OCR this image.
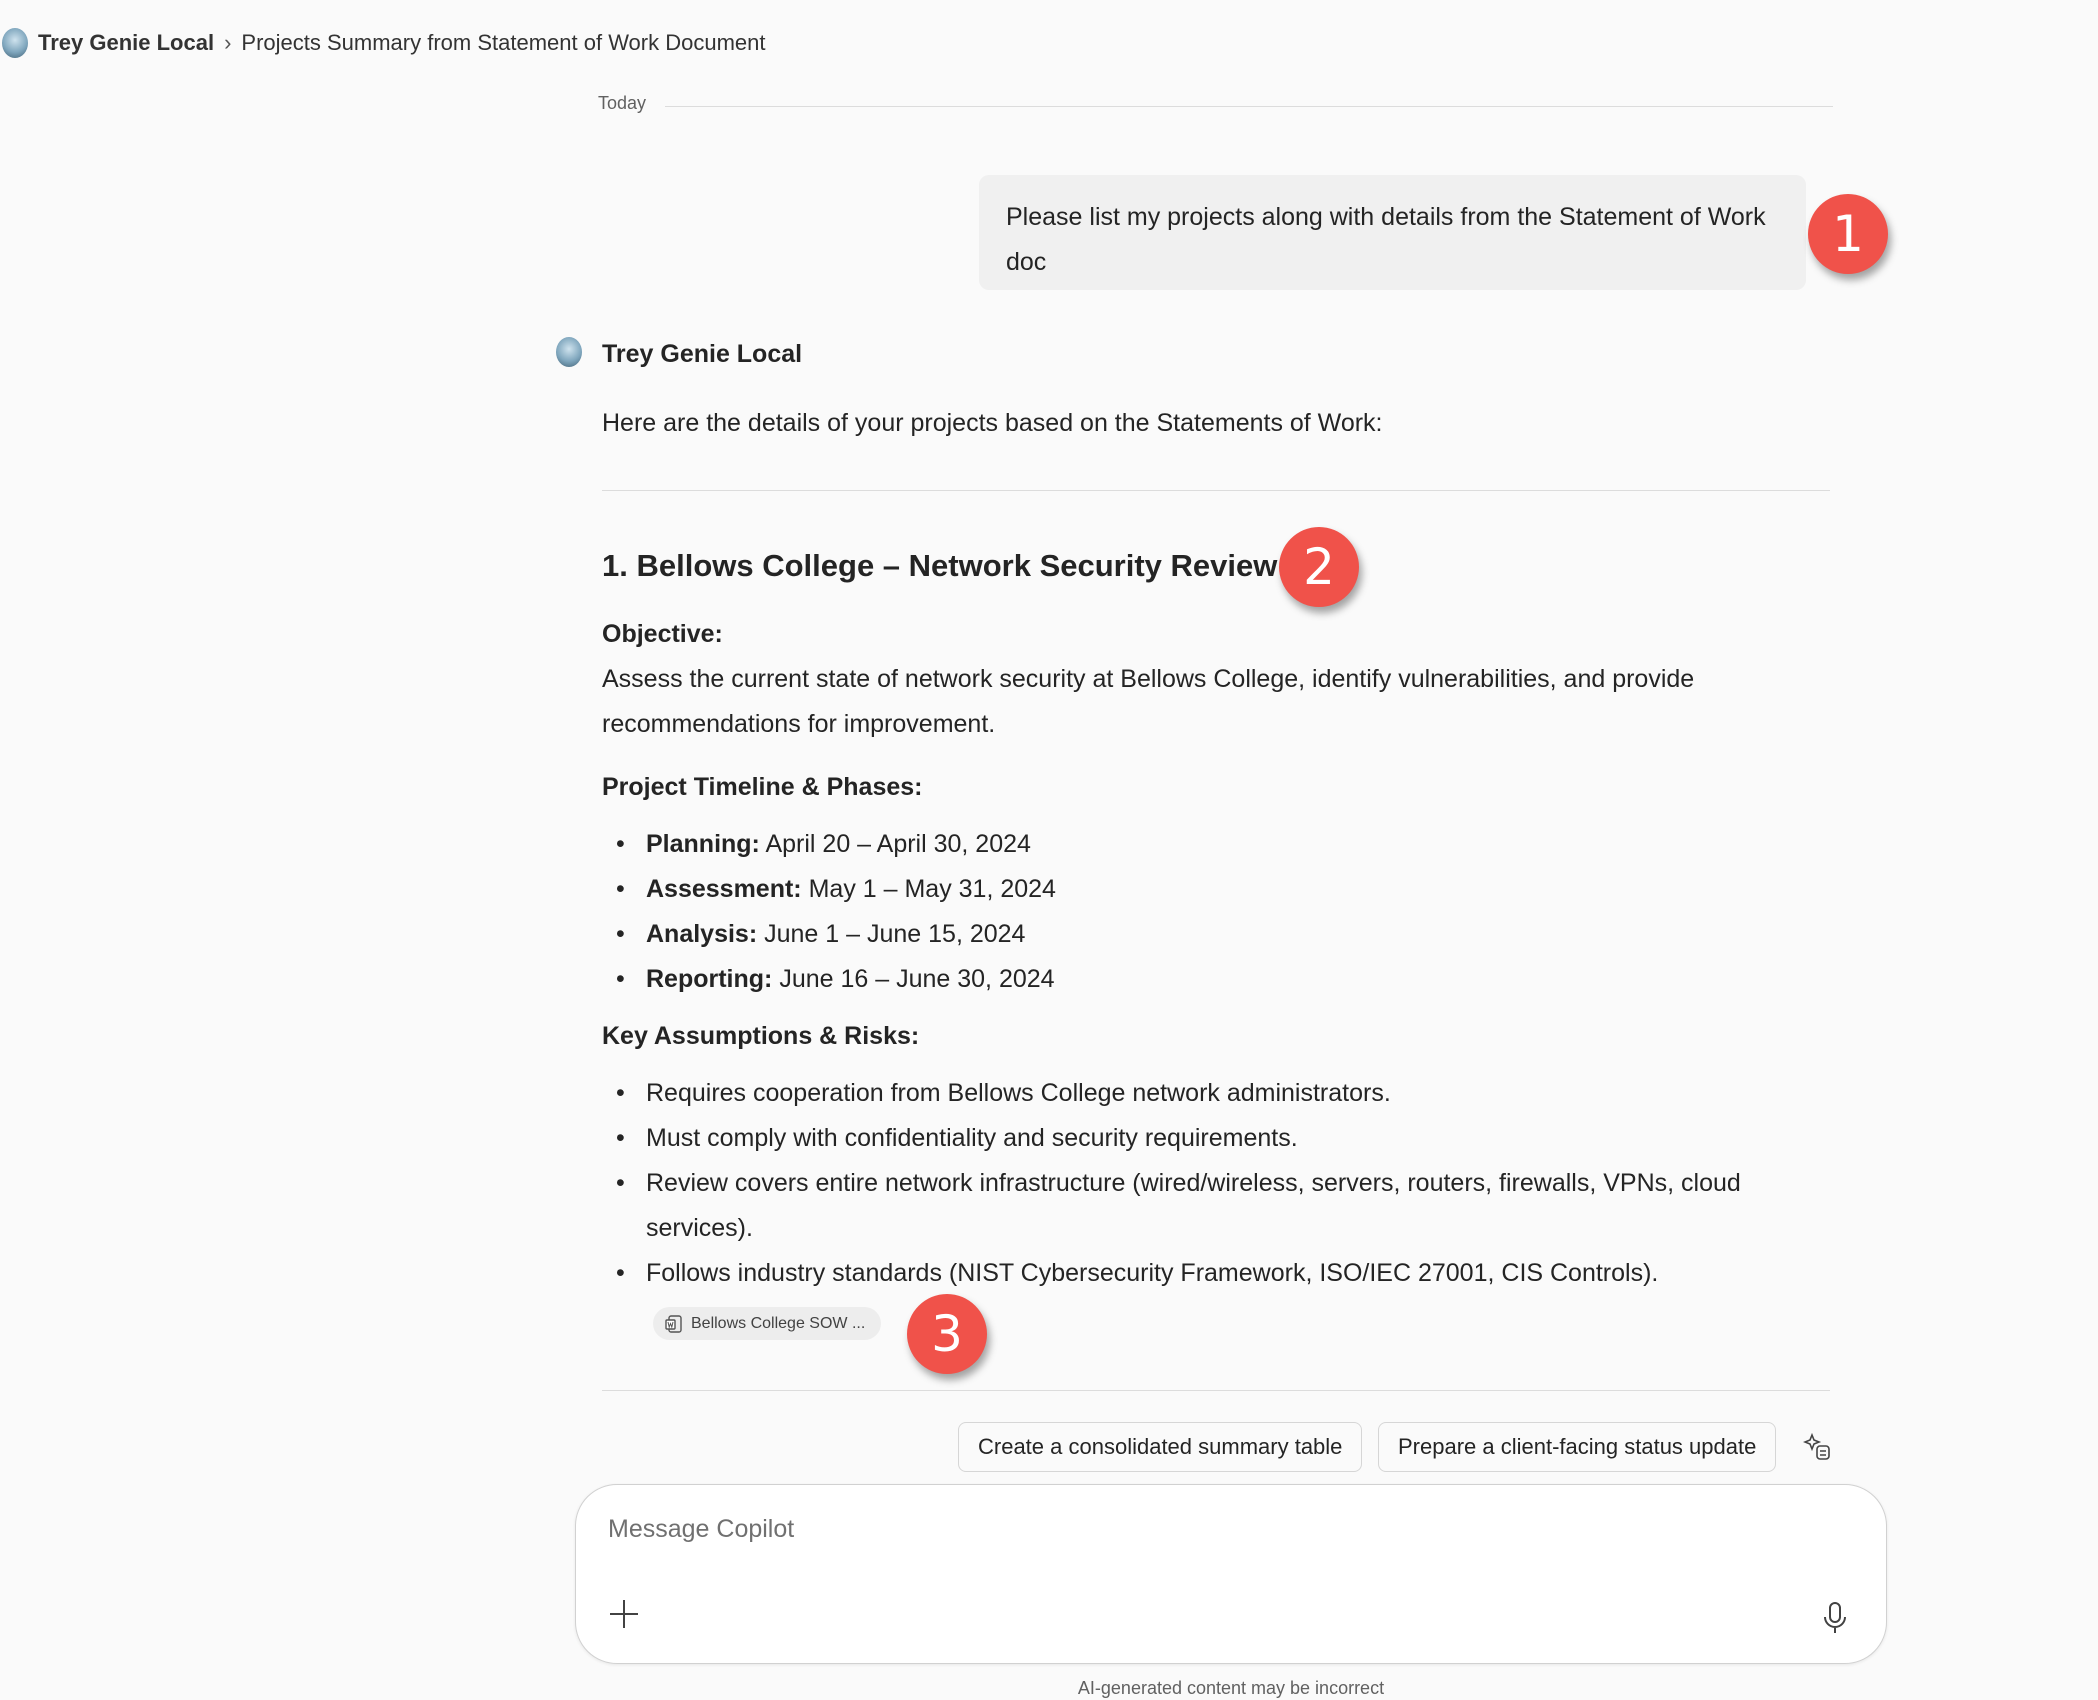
Trey Genie Local › Projects Summary from Statement of Work Document
Today
Please list my projects along with details from the Statement of Work doc	1
Trey Genie Local
Here are the details of your projects based on the Statements of Work:
1. Bellows College – Network Security Review 2
Objective:

Assess the current state of network security at Bellows College, identify vulnerabilities, and provide recommendations for improvement.

Project Timeline & Phases:
• Planning: April 20 – April 30, 2024
• Assessment: May 1 – May 31, 2024
• Analysis: June 1 – June 15, 2024
• Reporting: June 16 – June 30, 2024
Key Assumptions & Risks:
• Requires cooperation from Bellows College network administrators.
• Must comply with confidentiality and security requirements.
• Review covers entire network infrastructure (wired/wireless, servers, routers, firewalls, VPNs, cloud services).
• Follows industry standards (NIST Cybersecurity Framework, ISO/IEC 27001, CIS Controls).
Bellows College SOW ...	3
Create a consolidated summary table	Prepare a client-facing status update
Message Copilot
AI-generated content may be incorrect
